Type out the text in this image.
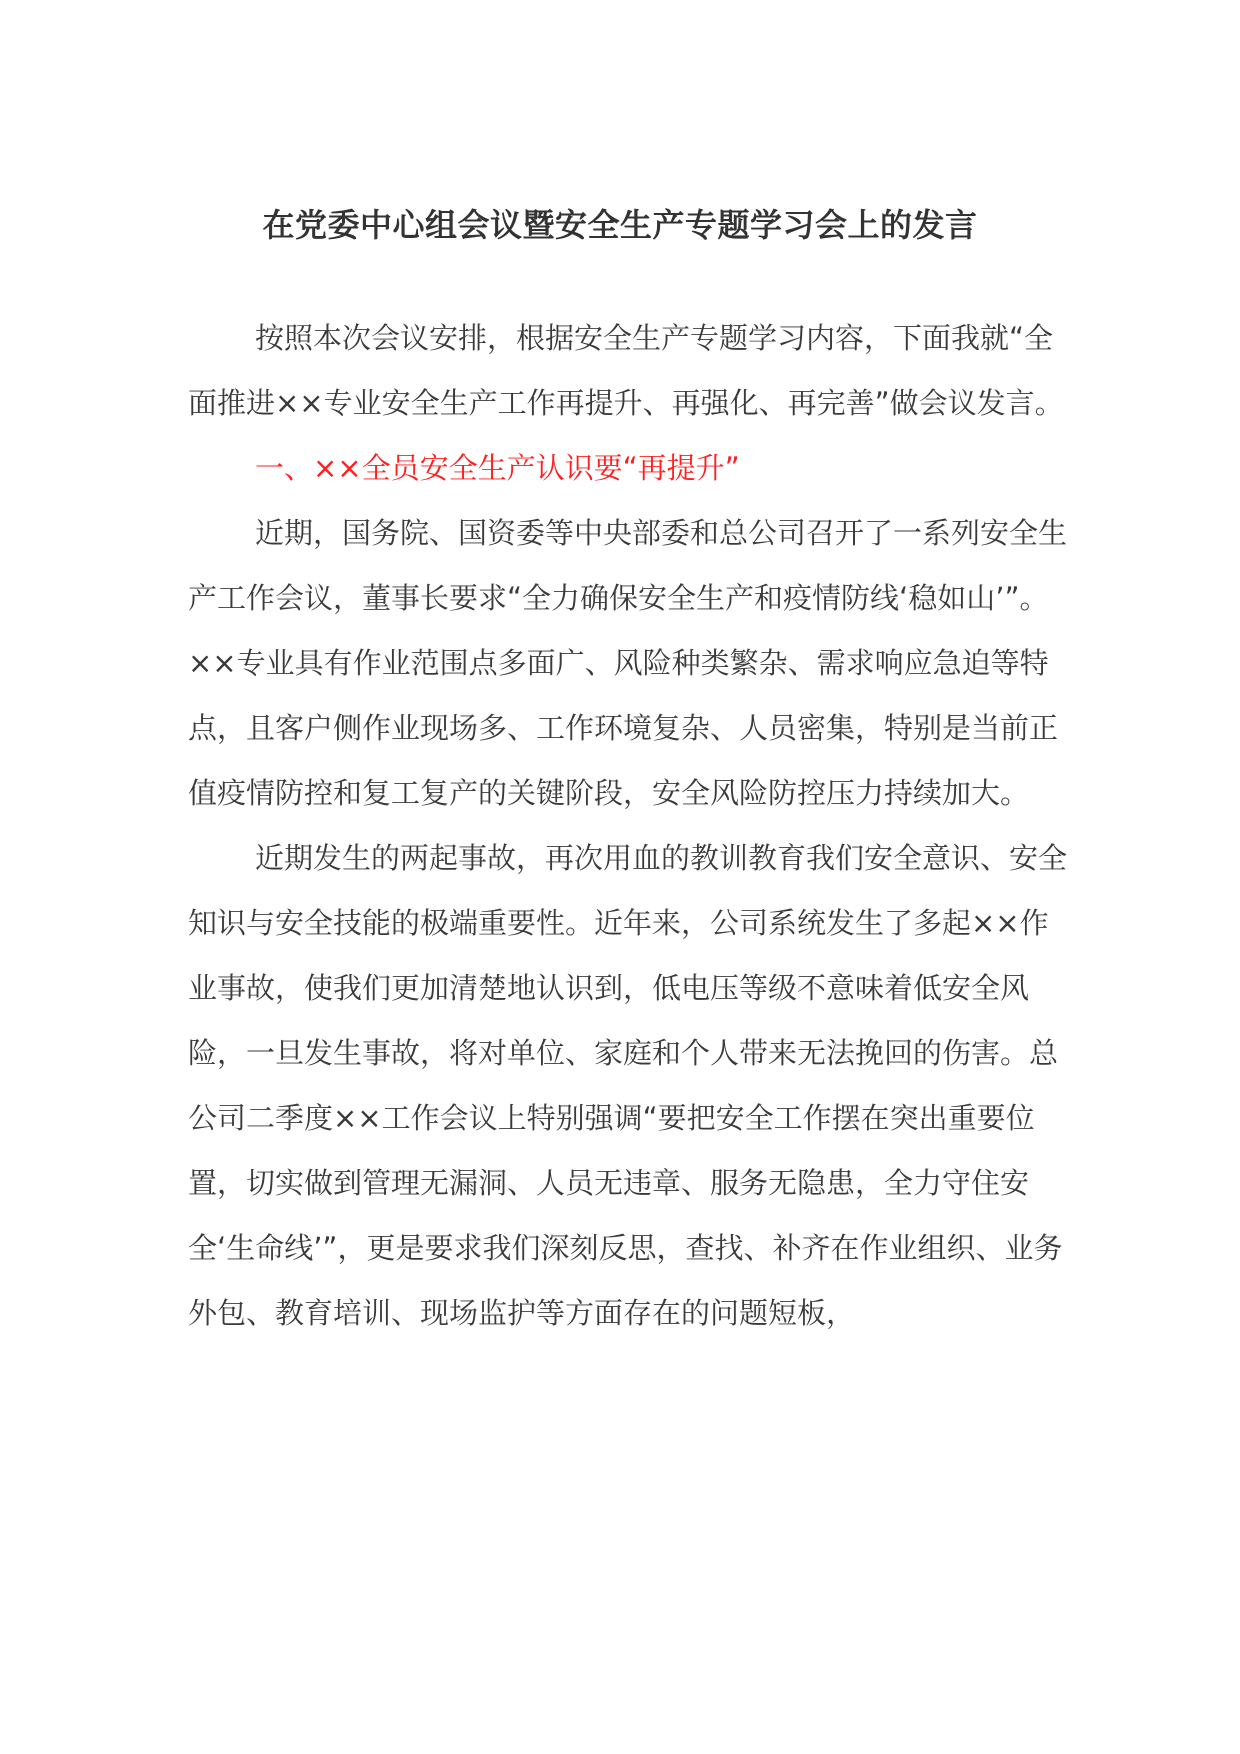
在党委中心组会议暨安全生产专题学习会上的发言

按照本次会议安排，根据安全生产专题学习内容，下面我就“全面推进××专业安全生产工作再提升、再强化、再完善”做会议发言。

一、××全员安全生产认识要“再提升”

近期，国务院、国资委等中央部委和总公司召开了一系列安全生产工作会议，董事长要求“全力确保安全生产和疫情防线‘稳如山’”。××专业具有作业范围点多面广、风险种类繁杂、需求响应急迫等特点，且客户侧作业现场多、工作环境复杂、人员密集，特别是当前正值疫情防控和复工复产的关键阶段，安全风险防控压力持续加大。

近期发生的两起事故，再次用血的教训教育我们安全意识、安全知识与安全技能的极端重要性。近年来，公司系统发生了多起××作业事故，使我们更加清楚地认识到，低电压等级不意味着低安全风险，一旦发生事故，将对单位、家庭和个人带来无法挽回的伤害。总公司二季度××工作会议上特别强调“要把安全工作摆在突出重要位置，切实做到管理无漏洞、人员无违章、服务无隐患，全力守住安全‘生命线’”，更是要求我们深刻反思，查找、补齐在作业组织、业务外包、教育培训、现场监护等方面存在的问题短板，
